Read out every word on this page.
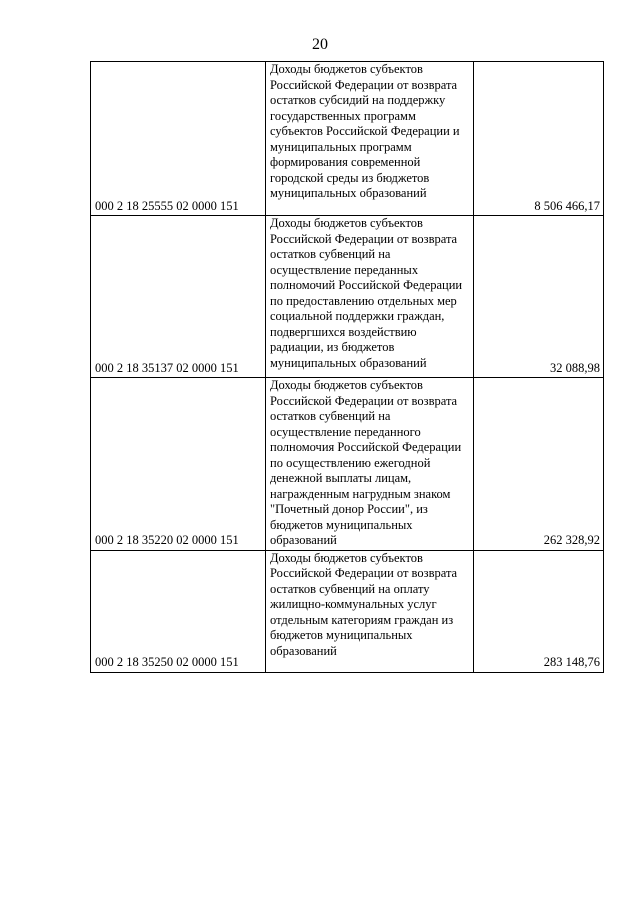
20
000 2 18 25555 02 0000 151	Доходы бюджетов субъектов Российской Федерации от возврата остатков субсидий на поддержку государственных программ субъектов Российской Федерации и муниципальных программ формирования современной городской среды из бюджетов муниципальных образований	8 506 466,17
000 2 18 35137 02 0000 151	Доходы бюджетов субъектов Российской Федерации от возврата остатков субвенций на осуществление переданных полномочий Российской Федерации по предоставлению отдельных мер социальной поддержки граждан, подвергшихся воздействию радиации, из бюджетов муниципальных образований	32 088,98
000 2 18 35220 02 0000 151	Доходы бюджетов субъектов Российской Федерации от возврата остатков субвенций на осуществление переданного полномочия Российской Федерации по осуществлению ежегодной денежной выплаты лицам, награжденным нагрудным знаком "Почетный донор России", из бюджетов муниципальных образований	262 328,92
000 2 18 35250 02 0000 151	Доходы бюджетов субъектов Российской Федерации от возврата остатков субвенций на оплату жилищно-коммунальных услуг отдельным категориям граждан из бюджетов муниципальных образований	283 148,76
